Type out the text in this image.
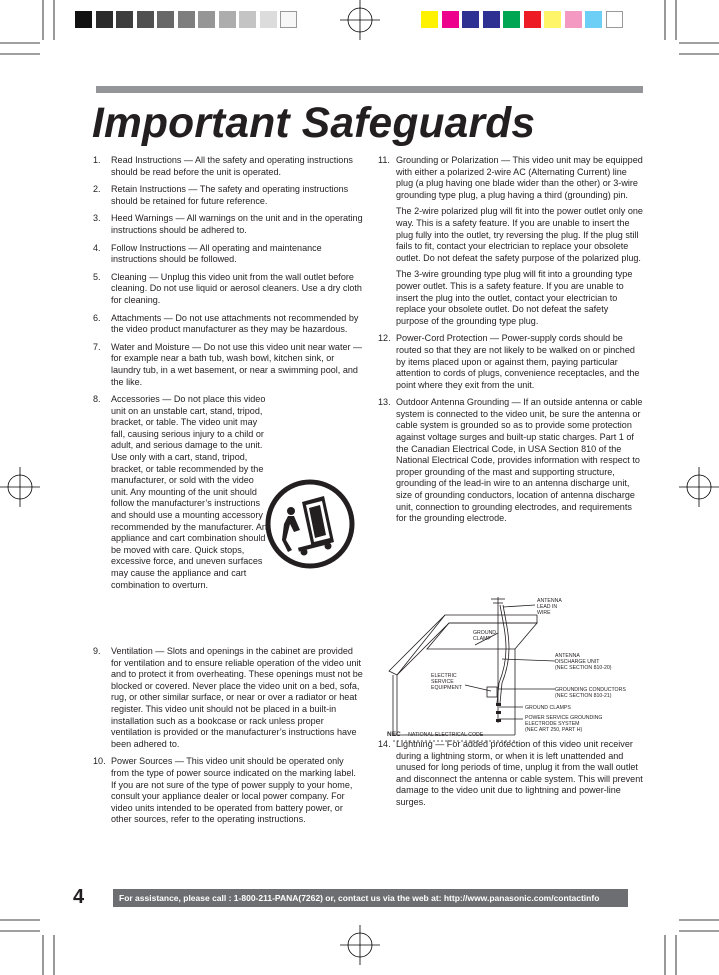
Important Safeguards
1. Read Instructions — All the safety and operating instructions should be read before the unit is operated.

2. Retain Instructions — The safety and operating instructions should be retained for future reference.

3. Heed Warnings — All warnings on the unit and in the operating instructions should be adhered to.

4. Follow Instructions — All operating and maintenance instructions should be followed.

5. Cleaning — Unplug this video unit from the wall outlet before cleaning. Do not use liquid or aerosol cleaners. Use a dry cloth for cleaning.

6. Attachments — Do not use attachments not recommended by the video product manufacturer as they may be hazardous.

7. Water and Moisture — Do not use this video unit near water — for example near a bath tub, wash bowl, kitchen sink, or laundry tub, in a wet basement, or near a swimming pool, and the like.

8. Accessories — Do not place this video unit on an unstable cart, stand, tripod, bracket, or table. The video unit may fall, causing serious injury to a child or adult, and serious damage to the unit. Use only with a cart, stand, tripod, bracket, or table recommended by the manufacturer, or sold with the video unit. Any mounting of the unit should follow the manufacturer’s instructions and should use a mounting accessory recommended by the manufacturer. An appliance and cart combination should be moved with care. Quick stops, excessive force, and uneven surfaces may cause the appliance and cart combination to overturn.

9. Ventilation — Slots and openings in the cabinet are provided for ventilation and to ensure reliable operation of the video unit and to protect it from overheating. These openings must not be blocked or covered. Never place the video unit on a bed, sofa, rug, or other similar surface, or near or over a radiator or heat register. This video unit should not be placed in a built-in installation such as a bookcase or rack unless proper ventilation is provided or the manufacturer’s instructions have been adhered to.

10. Power Sources — This video unit should be operated only from the type of power source indicated on the marking label. If you are not sure of the type of power supply to your home, consult your appliance dealer or local power company. For video units intended to be operated from battery power, or other sources, refer to the operating instructions.

11. Grounding or Polarization — This video unit may be equipped with either a polarized 2-wire AC (Alternating Current) line plug (a plug having one blade wider than the other) or 3-wire grounding type plug, a plug having a third (grounding) pin.

The 2-wire polarized plug will fit into the power outlet only one way. This is a safety feature. If you are unable to insert the plug fully into the outlet, try reversing the plug. If the plug still fails to fit, contact your electrician to replace your obsolete outlet. Do not defeat the safety purpose of the polarized plug.

The 3-wire grounding type plug will fit into a grounding type power outlet. This is a safety feature. If you are unable to insert the plug into the outlet, contact your electrician to replace your obsolete outlet. Do not defeat the safety purpose of the grounding type plug.

12. Power-Cord Protection — Power-supply cords should be routed so that they are not likely to be walked on or pinched by items placed upon or against them, paying particular attention to cords of plugs, convenience receptacles, and the point where they exit from the unit.

13. Outdoor Antenna Grounding — If an outside antenna or cable system is connected to the video unit, be sure the antenna or cable system is grounded so as to provide some protection against voltage surges and built-up static charges. Part 1 of the Canadian Electrical Code, in USA Section 810 of the National Electrical Code, provides information with respect to proper grounding of the mast and supporting structure, grounding of the lead-in wire to an antenna discharge unit, size of grounding conductors, location of antenna discharge unit, connection to grounding electrodes, and requirements for the grounding electrode.

ANTENNA
LEAD IN
WIRE
GROUND
CLAMP
ANTENNA
DISCHARGE UNIT
(NEC SECTION 810-20)
ELECTRIC
SERVICE
EQUIPMENT	GROUNDING CONDUCTORS
(NEC SECTION 810-21)
GROUND CLAMPS
POWER SERVICE GROUNDING
ELECTRODE SYSTEM
(NEC ART 250, PART H)
NEC - NATIONAL ELECTRICAL CODE
14. Lightning — For added protection of this video unit receiver during a lightning storm, or when it is left unattended and unused for long periods of time, unplug it from the wall outlet and disconnect the antenna or cable system. This will prevent damage to the video unit due to lightning and power-line surges.

4	For assistance, please call : 1-800-211-PANA(7262) or, contact us via the web at: http://www.panasonic.com/contactinfo
